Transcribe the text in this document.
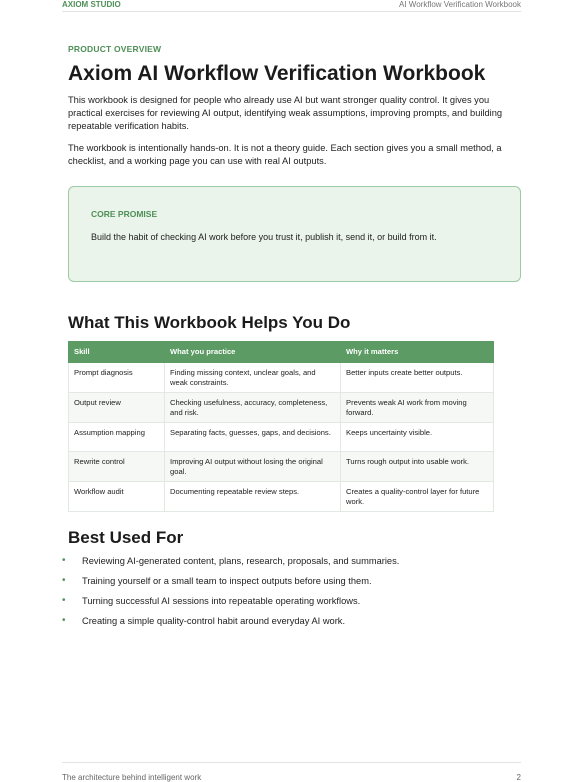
AXIOM STUDIO	AI Workflow Verification Workbook
PRODUCT OVERVIEW
Axiom AI Workflow Verification Workbook

This workbook is designed for people who already use AI but want stronger quality control. It gives you practical exercises for reviewing AI output, identifying weak assumptions, improving prompts, and building repeatable verification habits.

The workbook is intentionally hands-on. It is not a theory guide. Each section gives you a small method, a checklist, and a working page you can use with real AI outputs.

CORE PROMISE
Build the habit of checking AI work before you trust it, publish it, send it, or build from it.
What This Workbook Helps You Do
Skill	What you practice	Why it matters
Prompt diagnosis	Finding missing context, unclear goals, and weak constraints.	Better inputs create better outputs.
Output review	Checking usefulness, accuracy, completeness, and risk.	Prevents weak AI work from moving forward.
Assumption mapping	Separating facts, guesses, gaps, and decisions.	Keeps uncertainty visible.
Rewrite control	Improving AI output without losing the original goal.	Turns rough output into usable work.
Workflow audit	Documenting repeatable review steps.	Creates a quality-control layer for future work.
Best Used For
• Reviewing AI-generated content, plans, research, proposals, and summaries.
• Training yourself or a small team to inspect outputs before using them.
• Turning successful AI sessions into repeatable operating workflows.
• Creating a simple quality-control habit around everyday AI work.
The architecture behind intelligent work	2
